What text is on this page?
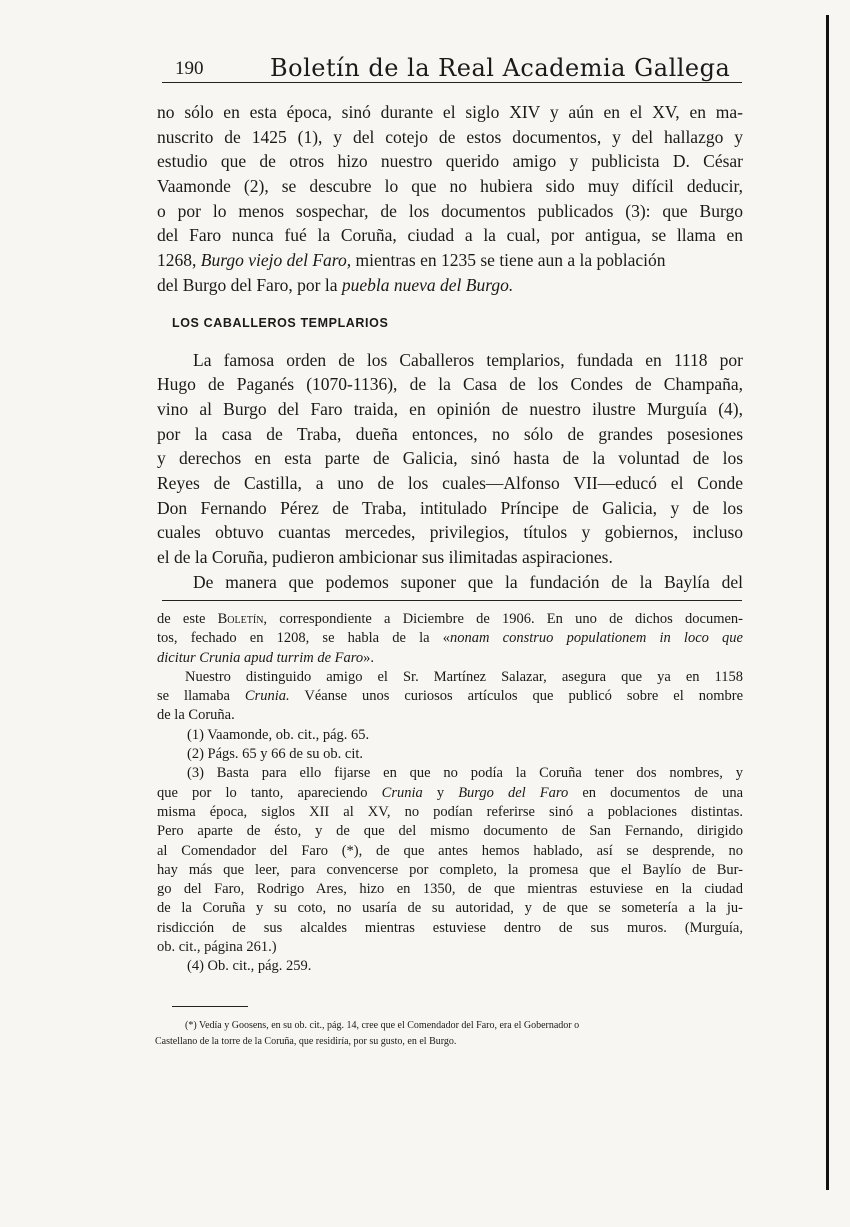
190	Boletín de la Real Academia Gallega
no sólo en esta época, sinó durante el siglo XIV y aún en el XV, en ma-
nuscrito de 1425 (1), y del cotejo de estos documentos, y del hallazgo y
estudio que de otros hizo nuestro querido amigo y publicista D. César
Vaamonde (2), se descubre lo que no hubiera sido muy difícil deducir,
o por lo menos sospechar, de los documentos publicados (3): que Burgo
del Faro nunca fué la Coruña, ciudad a la cual, por antigua, se llama en
1268, Burgo viejo del Faro, mientras en 1235 se tiene aun a la población
del Burgo del Faro, por la puebla nueva del Burgo.
LOS CABALLEROS TEMPLARIOS
La famosa orden de los Caballeros templarios, fundada en 1118 por
Hugo de Paganés (1070-1136), de la Casa de los Condes de Champaña,
vino al Burgo del Faro traida, en opinión de nuestro ilustre Murguía (4),
por la casa de Traba, dueña entonces, no sólo de grandes posesiones
y derechos en esta parte de Galicia, sinó hasta de la voluntad de los
Reyes de Castilla, a uno de los cuales—Alfonso VII—educó el Conde
Don Fernando Pérez de Traba, intitulado Príncipe de Galicia, y de los
cuales obtuvo cuantas mercedes, privilegios, títulos y gobiernos, incluso
el de la Coruña, pudieron ambicionar sus ilimitadas aspiraciones.
De manera que podemos suponer que la fundación de la Baylía del
de este Boletín, correspondiente a Diciembre de 1906. En uno de dichos documen-
tos, fechado en 1208, se habla de la «nonam construo populationem in loco que
dicitur Crunia apud turrim de Faro».
Nuestro distinguido amigo el Sr. Martínez Salazar, asegura que ya en 1158
se llamaba Crunia. Véanse unos curiosos artículos que publicó sobre el nombre
de la Coruña.
(1) Vaamonde, ob. cit., pág. 65.
(2) Págs. 65 y 66 de su ob. cit.
(3) Basta para ello fijarse en que no podía la Coruña tener dos nombres, y
que por lo tanto, apareciendo Crunia y Burgo del Faro en documentos de una
misma época, siglos XII al XV, no podían referirse sinó a poblaciones distintas.
Pero aparte de ésto, y de que del mismo documento de San Fernando, dirigido
al Comendador del Faro (*), de que antes hemos hablado, así se desprende, no
hay más que leer, para convencerse por completo, la promesa que el Baylío de Bur-
go del Faro, Rodrigo Ares, hizo en 1350, de que mientras estuviese en la ciudad
de la Coruña y su coto, no usaría de su autoridad, y de que se sometería a la ju-
risdicción de sus alcaldes mientras estuviese dentro de sus muros. (Murguía,
ob. cit., página 261.)
(4) Ob. cit., pág. 259.
(*) Vedía y Goosens, en su ob. cit., pág. 14, cree que el Comendador del Faro, era el Gobernador o
Castellano de la torre de la Coruña, que residiría, por su gusto, en el Burgo.
